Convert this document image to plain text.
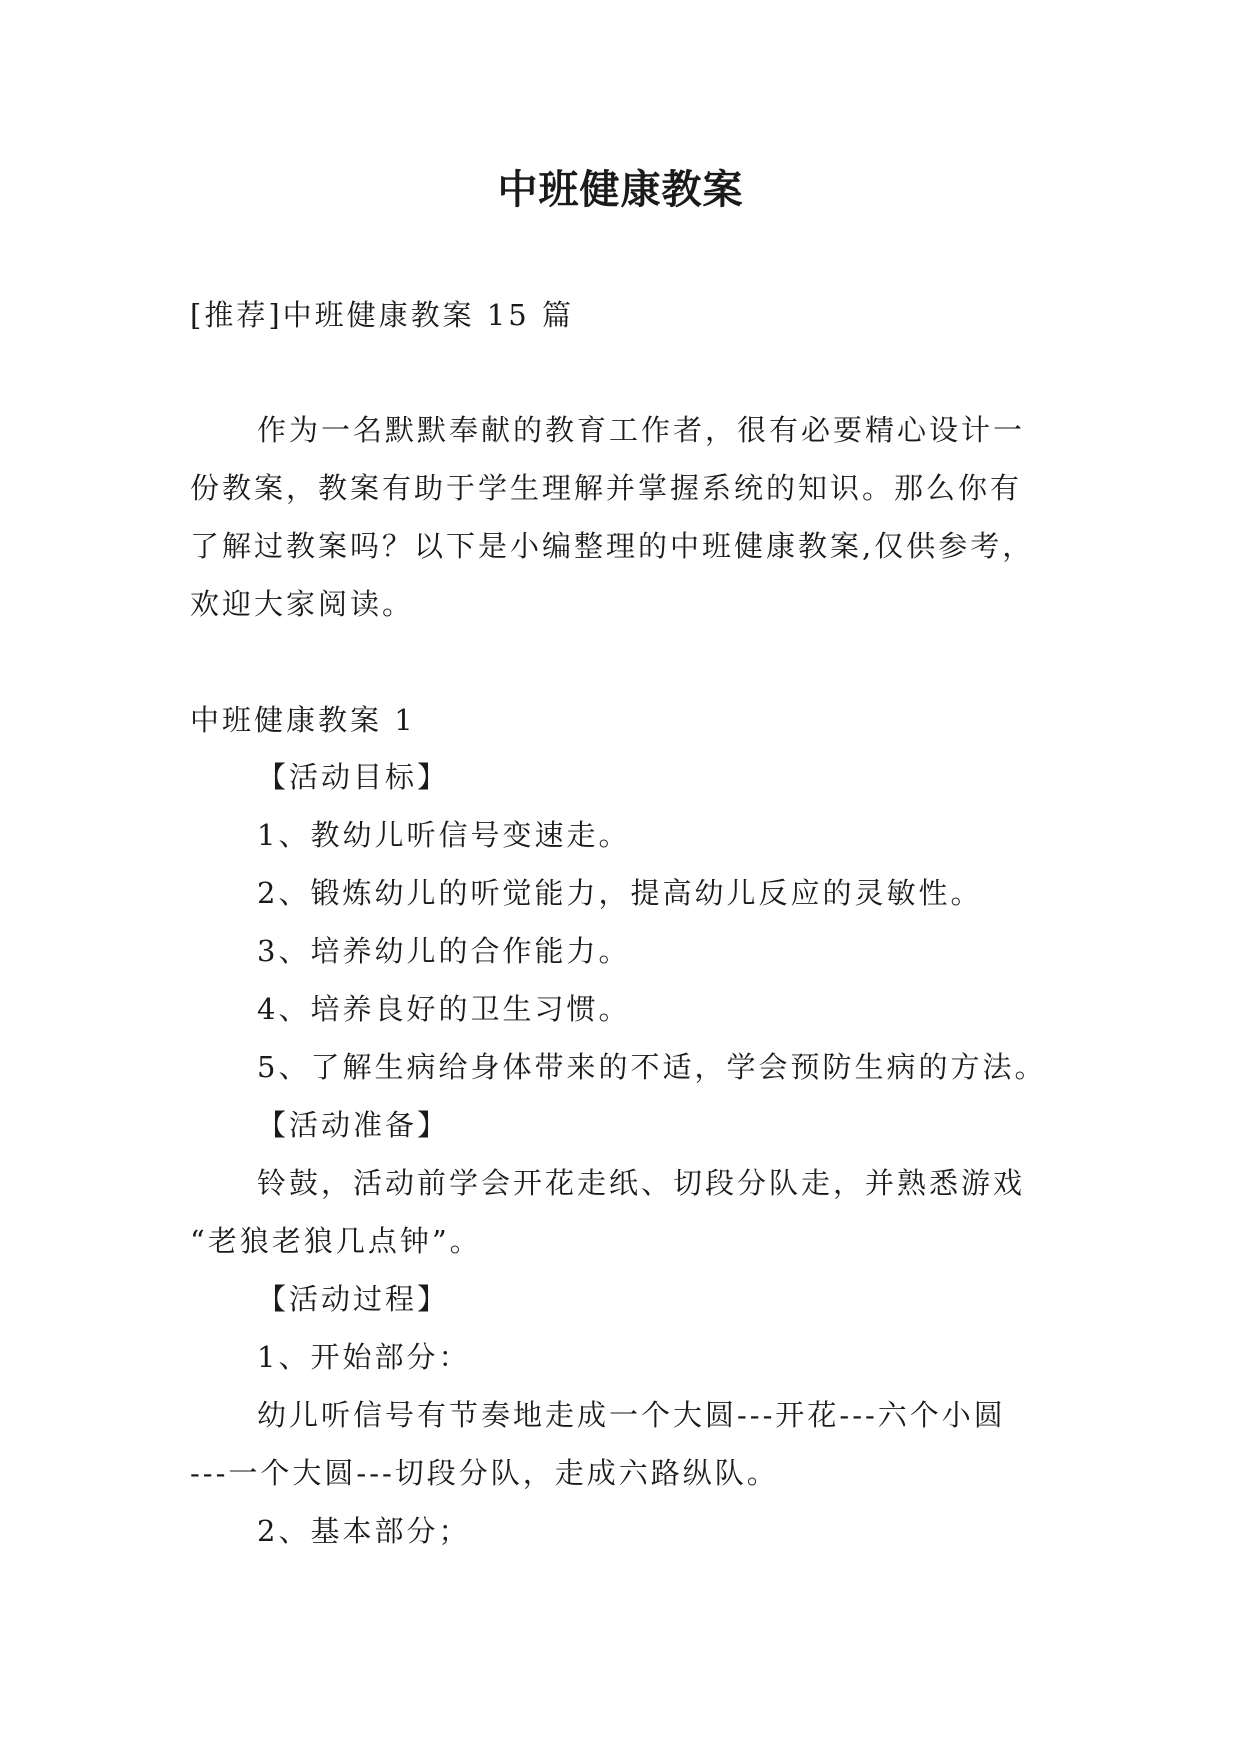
中班健康教案
[推荐]中班健康教案 15 篇
作为一名默默奉献的教育工作者，很有必要精心设计一
份教案，教案有助于学生理解并掌握系统的知识。那么你有
了解过教案吗？以下是小编整理的中班健康教案,仅供参考，
欢迎大家阅读。
中班健康教案 1
【活动目标】
1、教幼儿听信号变速走。
2、锻炼幼儿的听觉能力，提高幼儿反应的灵敏性。
3、培养幼儿的合作能力。
4、培养良好的卫生习惯。
5、了解生病给身体带来的不适，学会预防生病的方法。
【活动准备】
铃鼓，活动前学会开花走纸、切段分队走，并熟悉游戏
“老狼老狼几点钟”。
【活动过程】
1、开始部分：
幼儿听信号有节奏地走成一个大圆---开花---六个小圆
---一个大圆---切段分队，走成六路纵队。
2、基本部分；
